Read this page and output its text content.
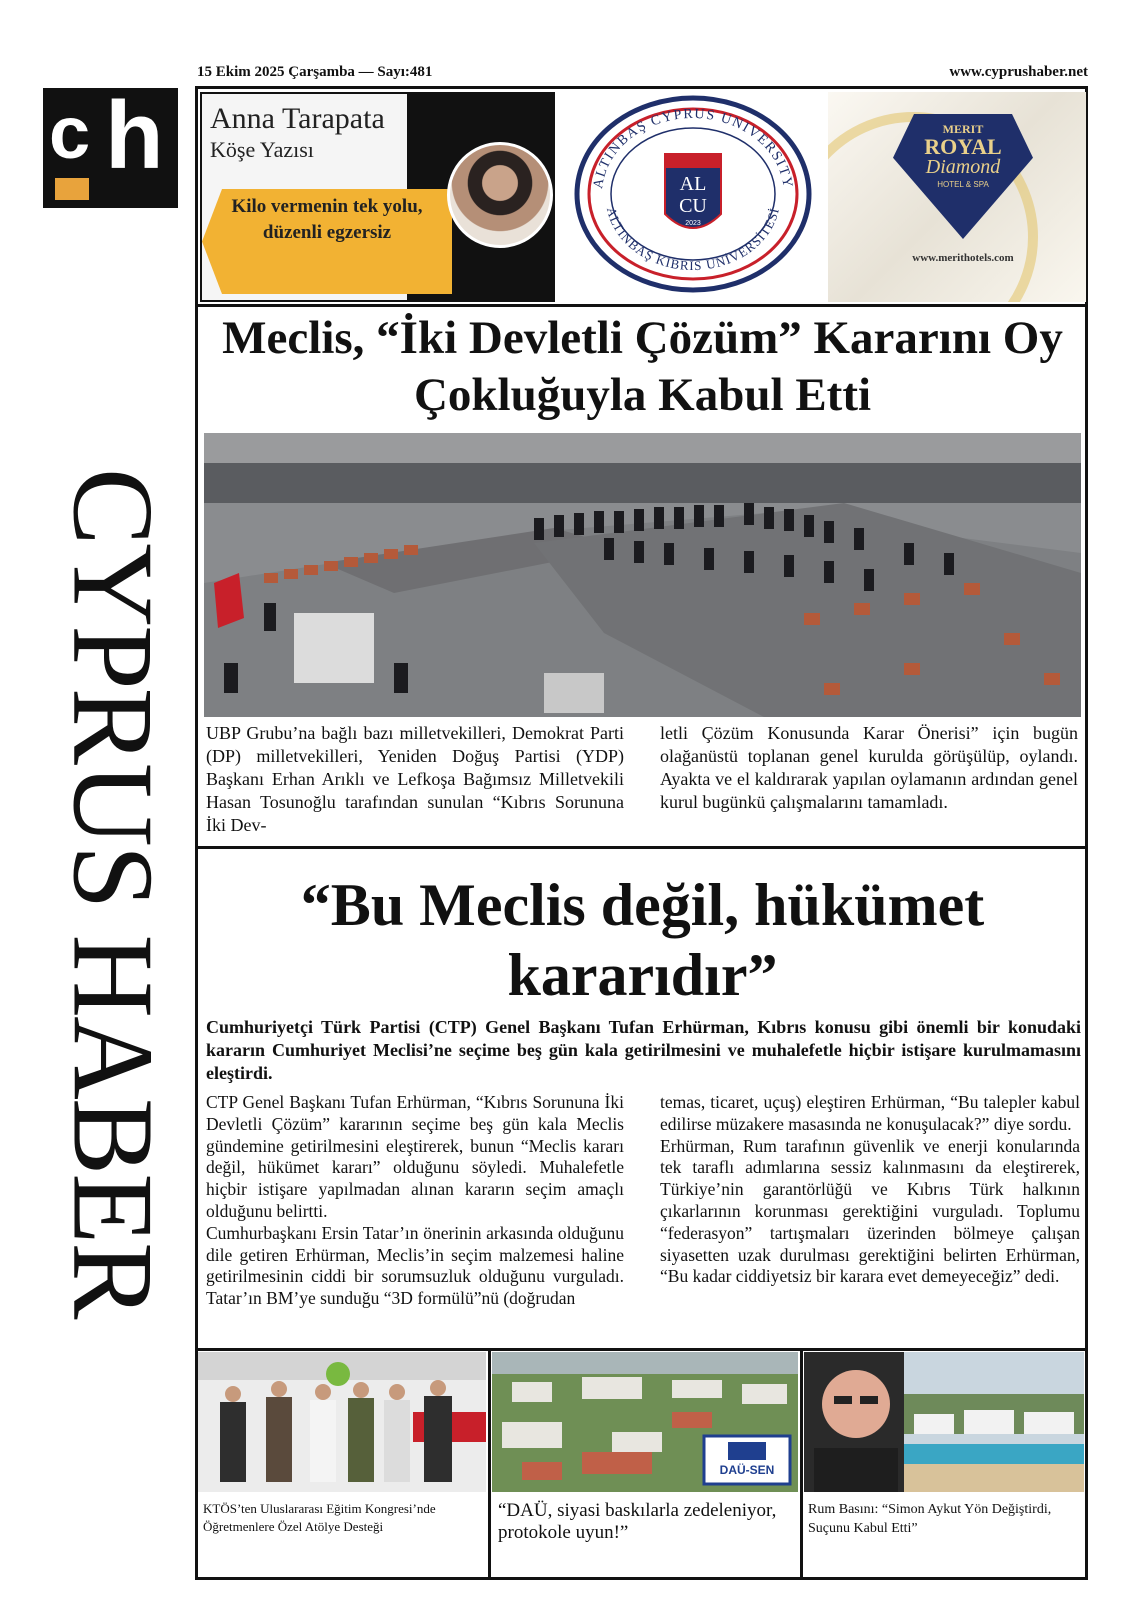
c h
CYPRUS HABER
15 Ekim 2025 Çarşamba — Sayı:481	www.cyprushaber.net
Anna Tarapata
Köşe Yazısı
Kilo vermenin tek yolu, düzenli egzersiz
ALTINBAŞ CYPRUS UNIVERSITY
ALTINBAŞ KIBRIS ÜNİVERSİTESİ
AL
CU
2023
MERIT
ROYAL
Diamond
HOTEL & SPA
www.merithotels.com
Meclis, “İki Devletli Çözüm” Kararını Oy Çokluğuyla Kabul Etti
UBP Grubu’na bağlı bazı milletvekilleri, Demokrat Parti (DP) milletvekilleri, Yeniden Doğuş Partisi (YDP) Başkanı Erhan Arıklı ve Lefkoşa Bağımsız Milletvekili Hasan Tosunoğlu tarafından sunulan “Kıbrıs Sorununa İki Dev-
letli Çözüm Konusunda Karar Önerisi” için bugün olağanüstü toplanan genel kurulda görüşülüp, oylandı. Ayakta ve el kaldırarak yapılan oylamanın ardından genel kurul bugünkü çalışmalarını tamamladı.
“Bu Meclis değil, hükümet kararıdır”
Cumhuriyetçi Türk Partisi (CTP) Genel Başkanı Tufan Erhürman, Kıbrıs konusu gibi önemli bir konudaki kararın Cumhuriyet Meclisi’ne seçime beş gün kala getirilmesini ve muhalefetle hiçbir istişare kurulmamasını eleştirdi.
CTP Genel Başkanı Tufan Erhürman, “Kıbrıs Sorununa İki Devletli Çözüm” kararının seçime beş gün kala Meclis gündemine getirilmesini eleştirerek, bunun “Meclis kararı değil, hükümet kararı” olduğunu söyledi. Muhalefetle hiçbir istişare yapılmadan alınan kararın seçim amaçlı olduğunu belirtti.
Cumhurbaşkanı Ersin Tatar’ın önerinin arkasında olduğunu dile getiren Erhürman, Meclis’in seçim malzemesi haline getirilmesinin ciddi bir sorumsuzluk olduğunu vurguladı. Tatar’ın BM’ye sunduğu “3D formülü”nü (doğrudan
temas, ticaret, uçuş) eleştiren Erhürman, “Bu talepler kabul edilirse müzakere masasında ne konuşulacak?” diye sordu.
Erhürman, Rum tarafının güvenlik ve enerji konularında tek taraflı adımlarına sessiz kalınmasını da eleştirerek, Türkiye’nin garantörlüğü ve Kıbrıs Türk halkının çıkarlarının korunması gerektiğini vurguladı. Toplumu “federasyon” tartışmaları üzerinden bölmeye çalışan siyasetten uzak durulması gerektiğini belirten Erhürman, “Bu kadar ciddiyetsiz bir karara evet demeyeceğiz” dedi.
DAÜ-SEN
KTÖS’ten Uluslararası Eğitim Kongresi’nde Öğretmenlere Özel Atölye Desteği
“DAÜ, siyasi baskılarla zedeleniyor, protokole uyun!”
Rum Basını: “Simon Aykut Yön Değiştirdi, Suçunu Kabul Etti”
